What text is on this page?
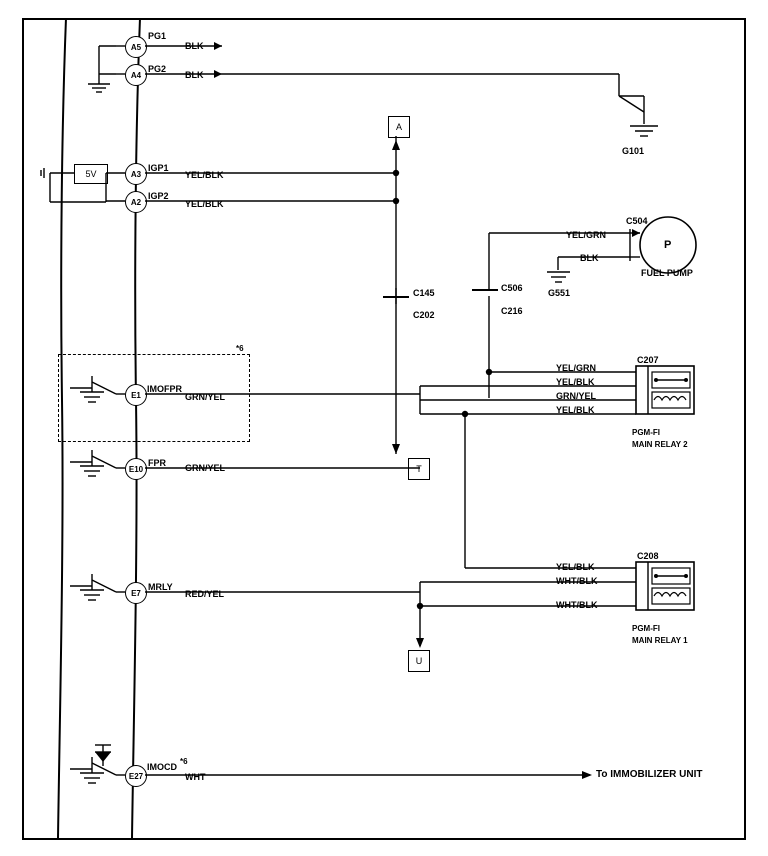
A5
A4
A3
A2
E1
E10
E7
E27
PG1
PG2
IGP1
IGP2
IMOFPR
FPR
MRLY
IMOCD
*6
BLK
BLK
YEL/BLK
YEL/BLK
GRN/YEL
GRN/YEL
RED/YEL
WHT
5V
*6
A
T
U
C145
C202
C506
C216
C504
C207
C208
G101
G551
YEL/GRN
BLK
FUEL PUMP
YEL/GRN
YEL/BLK
GRN/YEL
YEL/BLK
PGM-FI
MAIN RELAY 2
YEL/BLK
WHT/BLK
WHT/BLK
PGM-FI
MAIN RELAY 1
To IMMOBILIZER UNIT
P
